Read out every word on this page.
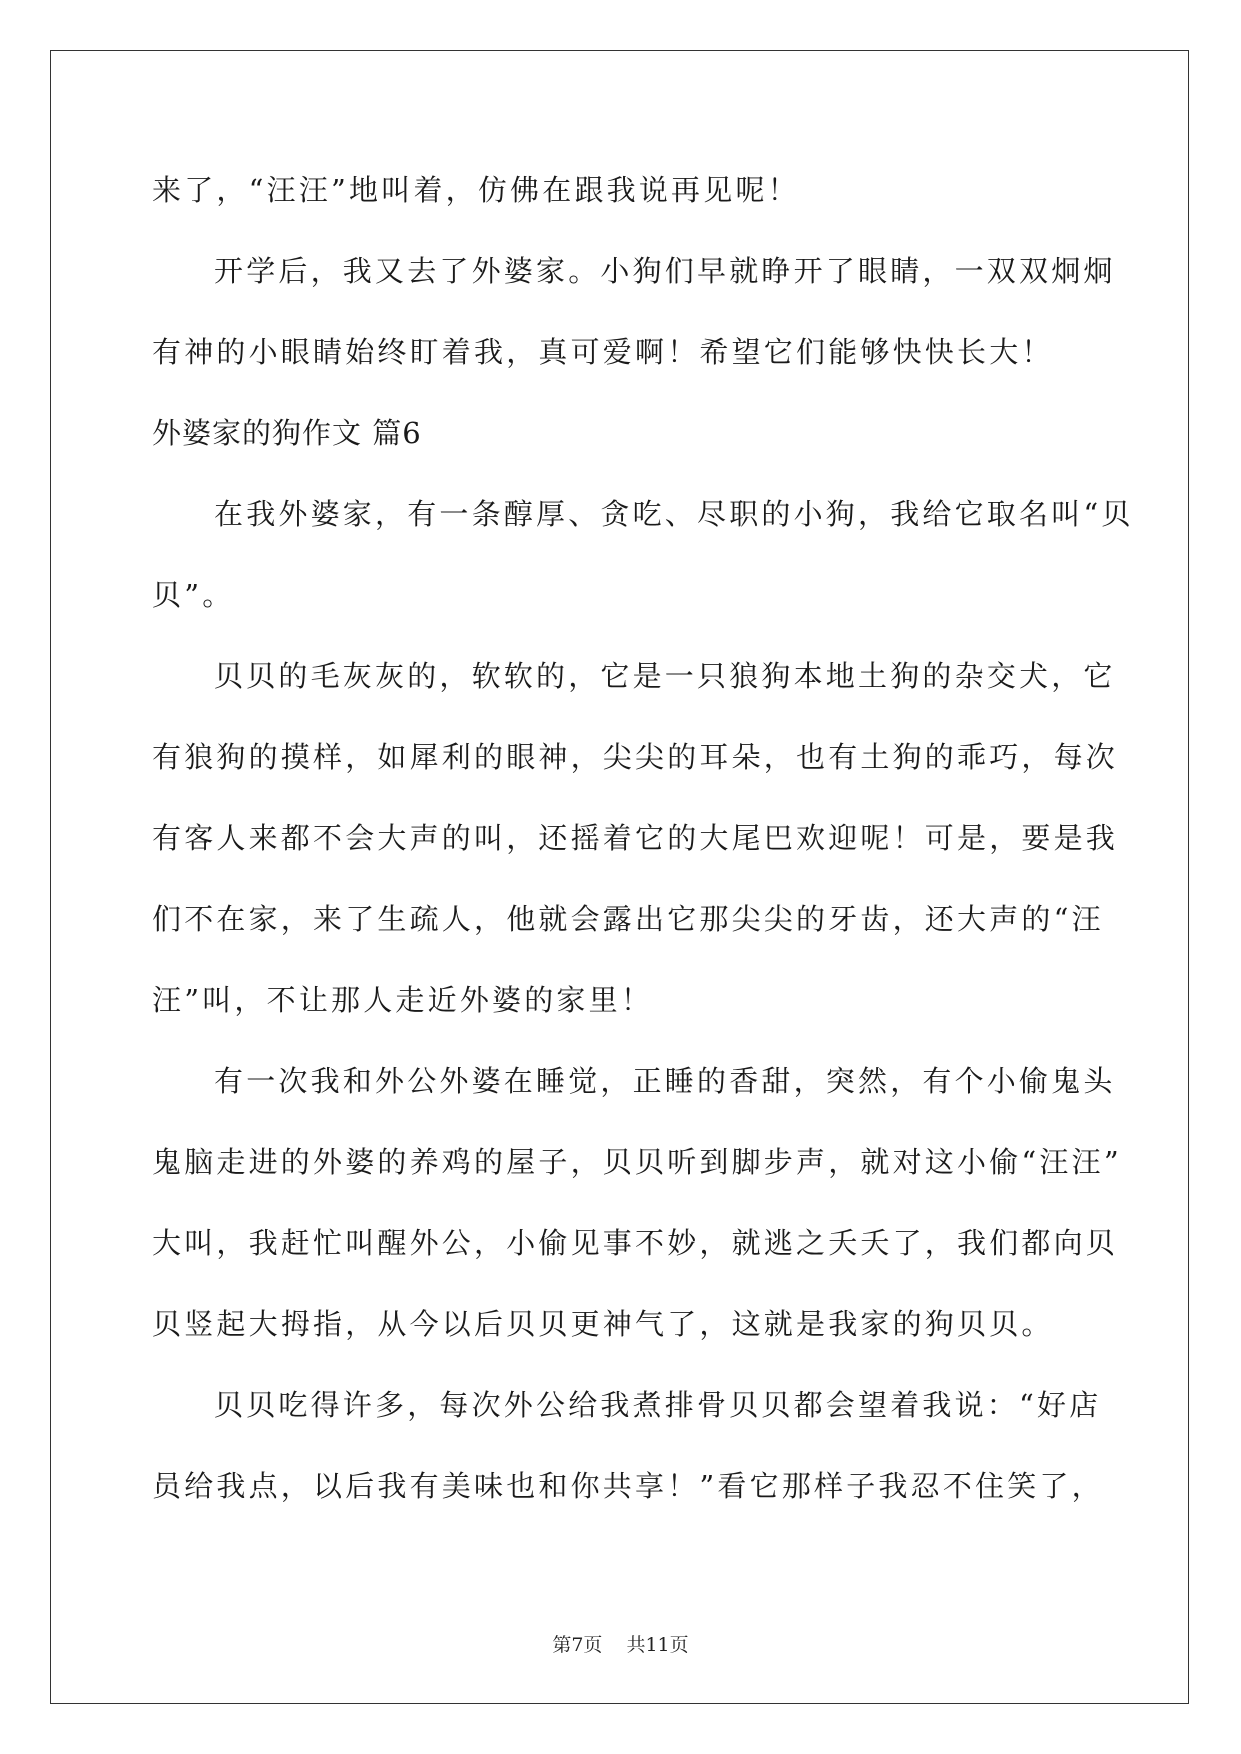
来了，“汪汪”地叫着，仿佛在跟我说再见呢！
开学后，我又去了外婆家。小狗们早就睁开了眼睛，一双双炯炯
有神的小眼睛始终盯着我，真可爱啊！希望它们能够快快长大！
外婆家的狗作文 篇6
在我外婆家，有一条醇厚、贪吃、尽职的小狗，我给它取名叫“贝
贝”。
贝贝的毛灰灰的，软软的，它是一只狼狗本地土狗的杂交犬，它
有狼狗的摸样，如犀利的眼神，尖尖的耳朵，也有土狗的乖巧，每次
有客人来都不会大声的叫，还摇着它的大尾巴欢迎呢！可是，要是我
们不在家，来了生疏人，他就会露出它那尖尖的牙齿，还大声的“汪
汪”叫，不让那人走近外婆的家里！
有一次我和外公外婆在睡觉，正睡的香甜，突然，有个小偷鬼头
鬼脑走进的外婆的养鸡的屋子，贝贝听到脚步声，就对这小偷“汪汪”
大叫，我赶忙叫醒外公，小偷见事不妙，就逃之夭夭了，我们都向贝
贝竖起大拇指，从今以后贝贝更神气了，这就是我家的狗贝贝。
贝贝吃得许多，每次外公给我煮排骨贝贝都会望着我说：“好店
员给我点，以后我有美味也和你共享！”看它那样子我忍不住笑了，
第7页 共11页
